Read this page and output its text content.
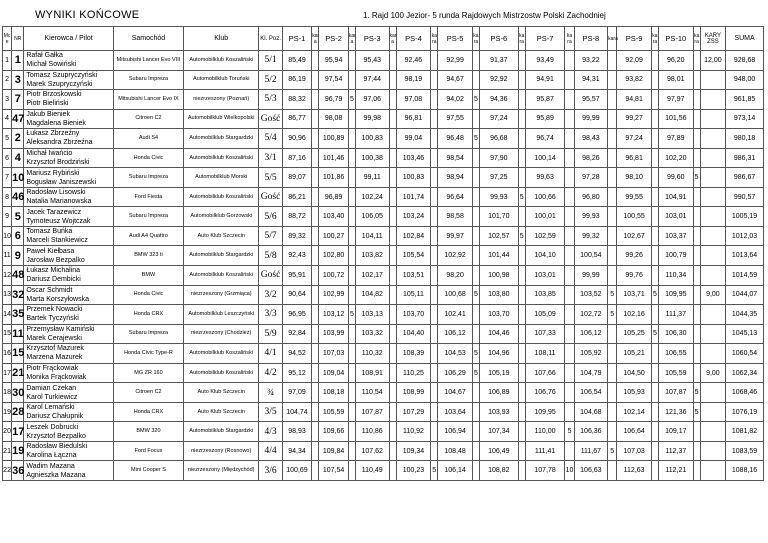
WYNIKI KOŃCOWE	1. Rajd 100 Jezior- 5 runda Rajdowych Mistrzostw Polski Zachodniej
Mc e	NR	Kierowca / Pilot	Samochód	Klub	Kl. Poz.	PS-1	kar a	PS-2	kar a	PS-3	kar a	PS-4	ka ra	PS-5	ka ra	PS-6	ka ra	PS-7	ka ra	PS-8	kara	PS-9	ka ra	PS-10	ka ra	KARY ZSS	SUMA
1	1	Rafał Gałka
Michał Sowiński	Mitsubishi Lancer Evo VIII	Automobilklub Koszaliński	5/1	85,49		95,94		95,43		92,46		92,99		91,37		93,49		93,22		92,09		96,20		12,00	928,68
2	3	Tomasz Szupryczyński
Marek Szupryczyński	Subaru Impreza	Automobilklub Toruński	5/2	86,19		97,54		97,44		98,19		94,67		92,92		94,91		94,31		93,82		98,01			948,00
3	7	Piotr Brzoskowski
Piotr Bieliński	Mitsubishi Lancer Evo IX	niezrzeszony (Poznań)	5/3	88,32		96,79	5	97,06		97,08		94,02	5	94,36		95,87		95,57		94,81		97,97			961,85
4	47	Jakub Bieniek
Magdalena Bieniek	Citroen C2	Automobilklub Wielkopolski	Gość	86,77		98,08		99,98		96,81		97,55		97,24		95,89		99,99		99,27		101,56			973,14
5	2	Łukasz Zbrzeźny
Aleksandra Zbrzeźna	Audi S4	Automobilklub Stargardzki	5/4	90,96		100,89		100,83		99,04		96,48	5	96,68		96,74		98,43		97,24		97,89			980,18
6	4	Michał Iwańcio
Krzysztof Brodziński	Honda Civic	Automobilklub Koszaliński	3/1	87,16		101,46		100,38		103,46		98,54		97,90		100,14		98,26		96,81		102,20			986,31
7	10	Mariusz Rybiński
Bogusław Janiszewski	Subaru Impreza	Automobilklub Morski	5/5	89,07		101,86		99,11		100,83		98,94		97,25		99,63		97,28		98,10		99,60	5		986,67
8	46	Radosław Lisowski
Natalia Marianowska	Ford Fiesta	Automobilklub Koszaliński	Gość	86,21		96,89		102,24		101,74		96,64		99,93	5	100,66		96,80		99,55		104,91			990,57
9	5	Jacek Tarazewicz
Tymoteusz Wojtczak	Subaru Impreza	Automobilklub Gorzowski	5/6	88,72		103,40		106,05		103,24		98,58		101,70		100,01		99,93		100,55		103,01			1005,19
10	6	Tomasz Buńka
Marceli Stankiewicz	Audi A4 Quattro	Auto Klub Szczecin	5/7	89,32		100,27		104,11		102,84		99,97		102,57	5	102,59		99,32		102,67		103,37			1012,03
11	9	Paweł Kiełbasa
Jarosław Bezpalko	BMW 323 ti	Automobilklub Stargardzki	5/8	92,43		102,80		103,82		105,54		102,92		101,44		104,10		100,54		99,26		100,79			1013,64
12	48	Łukasz Michalina
Dariusz Dembicki	BMW	Automobilklub Koszaliński	Gość	95,91		100,72		102,17		103,51		98,20		100,98		103,01		99,99		99,76		110,34			1014,59
13	32	Oscar Schmidt
Marta Korszyłowska	Honda Civic	niezrzeszony (Grzmiąca)	3/2	90,64		102,99		104,82		105,11		100,68	5	103,80		103,85		103,52	5	103,71	5	109,95		9,00	1044,07
14	35	Przemek Nowacki
Bartek Tyczyński	Honda CRX	Automobilklub Leszczyński	3/3	96,95		103,12	5	103,13		103,70		102,41		103,70		105,09		102,72	5	102,16		111,37			1044,35
15	11	Przemysław Kamiński
Marek Cerajewski	Subaru Impreza	niezrzeszony (Chodzież)	5/9	92,84		103,99		103,32		104,40		106,12		104,46		107,33		106,12		105,25	5	106,30			1045,13
16	15	Krzysztof Mazurek
Marzena Mazurek	Honda Civic Type-R	Automobilklub Koszaliński	4/1	94,52		107,03		110,32		108,39		104,53	5	104,96		108,11		105,92		105,21		106,55			1060,54
17	21	Piotr Frąckowiak
Monika Frąckowiak	MG ZR 160	Automobilklub Koszaliński	4/2	95,12		109,04		108,91		110,25		106,29	5	105,19		107,66		104,79		104,50		105,59		9,00	1062,34
18	30	Damian Czekan
Karol Turkiewicz	Citroen C2	Auto Klub Szczecin	¾	97,09		108,18		110,54		108,99		104,67		106,89		106,76		106,54		105,93		107,87	5		1068,46
19	28	Karol Lemański
Dariusz Chałupnik	Honda CRX	Auto Klub Szczecin	3/5	104,74		105,59		107,87		107,29		103,64		103,93		109,95		104,68		102,14		121,36	5		1076,19
20	17	Leszek Dobrucki
Krzysztof Bezpalko	BMW 320	Automobilklub Stargardzki	4/3	98,93		109,66		110,86		110,92		106,94		107,34		110,00	5	106,36		106,64		109,17			1081,82
21	19	Radosław Biedulski
Karolina Łączna	Ford Focus	niezrzeszony (Rosnowo)	4/4	94,34		109,84		107,62		109,34		108,48		106,49		111,41		111,67	5	107,03		112,37			1083,59
22	36	Wadim Mazana
Agnieszka Mazana	Mini Cooper S	niezrzeszony (Międzychód)	3/6	100,69		107,54		110,49		100,23	5	106,14		108,82		107,78	10	106,63		112,63		112,21			1088,16
